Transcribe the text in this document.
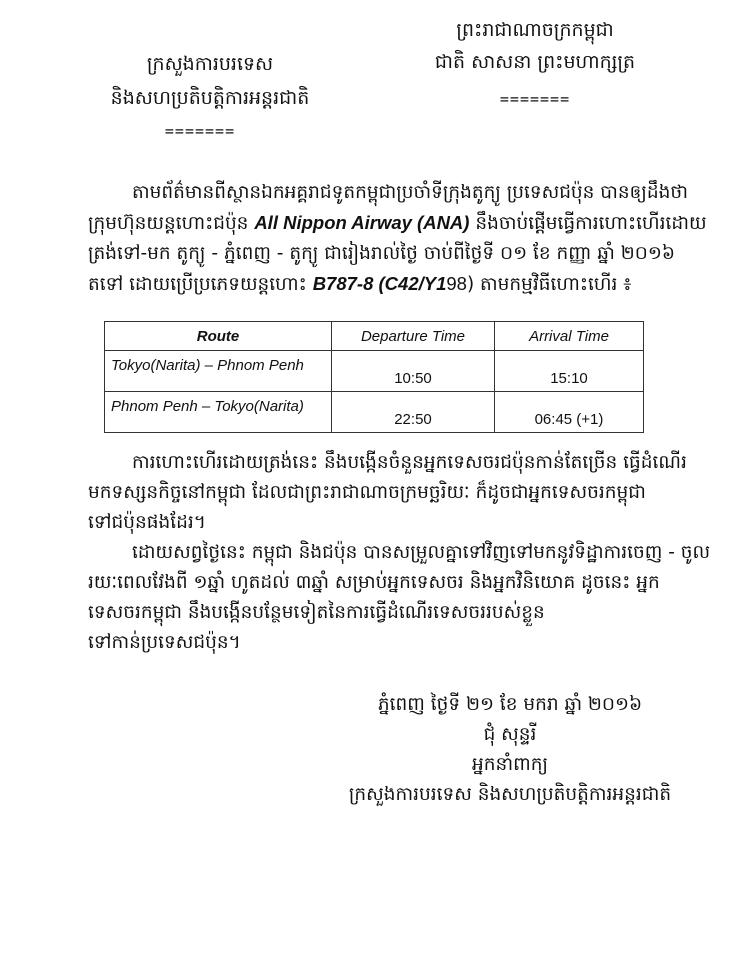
ព្រះរាជាណាចក្រកម្ពុជា
ជាតិ សាសនា ព្រះមហាក្សត្រ
=======
ក្រសួងការបរទេស
និងសហប្រតិបត្តិការអន្តរជាតិ
=======
តាមព័ត៌មានពីស្ថានឯកអគ្គរាជទូតកម្ពុជាប្រចាំទីក្រុងតូក្យូ ប្រទេសជប៉ុន បានឲ្យដឹងថា
ក្រុមហ៊ុនយន្តហោះជប៉ុន All Nippon Airway (ANA) នឹងចាប់ផ្តើមធ្វើការហោះហើរដោយ
ត្រង់ទៅ-មក តូក្យូ - ភ្នំពេញ - តូក្យូ ជារៀងរាល់ថ្ងៃ ចាប់ពីថ្ងៃទី ០១ ខែ កញ្ញា ឆ្នាំ ២០១៦
តទៅ ដោយប្រើប្រភេទយន្តហោះ B787-8 (C42/Y198) តាមកម្មវិធីហោះហើរ ៖
Route	Departure Time	Arrival Time
Tokyo(Narita) – Phnom Penh	10:50	15:10
Phnom Penh – Tokyo(Narita)	22:50	06:45 (+1)
ការហោះហើរដោយត្រង់នេះ នឹងបង្កើនចំនួនអ្នកទេសចរជប៉ុនកាន់តែច្រើន ធ្វើដំណើរ
មកទស្សនកិច្ចនៅកម្ពុជា ដែលជាព្រះរាជាណាចក្រមច្ឆរិយៈ ក៏ដូចជាអ្នកទេសចរកម្ពុជា
ទៅជប៉ុនផងដែរ។
ដោយសព្វថ្ងៃនេះ កម្ពុជា និងជប៉ុន បានសម្រួលគ្នាទៅវិញទៅមកនូវទិដ្ឋាការចេញ - ចូល
រយៈពេលវែងពី ១ឆ្នាំ ហូតដល់ ៣ឆ្នាំ សម្រាប់អ្នកទេសចរ និងអ្នកវិនិយោគ ដូចនេះ អ្នក
ទេសចរកម្ពុជា នឹងបង្កើនបន្ថែមទៀតនៃការធ្វើដំណើរទេសចររបស់ខ្លួន
ទៅកាន់ប្រទេសជប៉ុន។
ភ្នំពេញ ថ្ងៃទី ២១ ខែ មករា ឆ្នាំ ២០១៦
ជុំ សុន្ទរី
អ្នកនាំពាក្យ
ក្រសួងការបរទេស និងសហប្រតិបត្តិការអន្តរជាតិ
